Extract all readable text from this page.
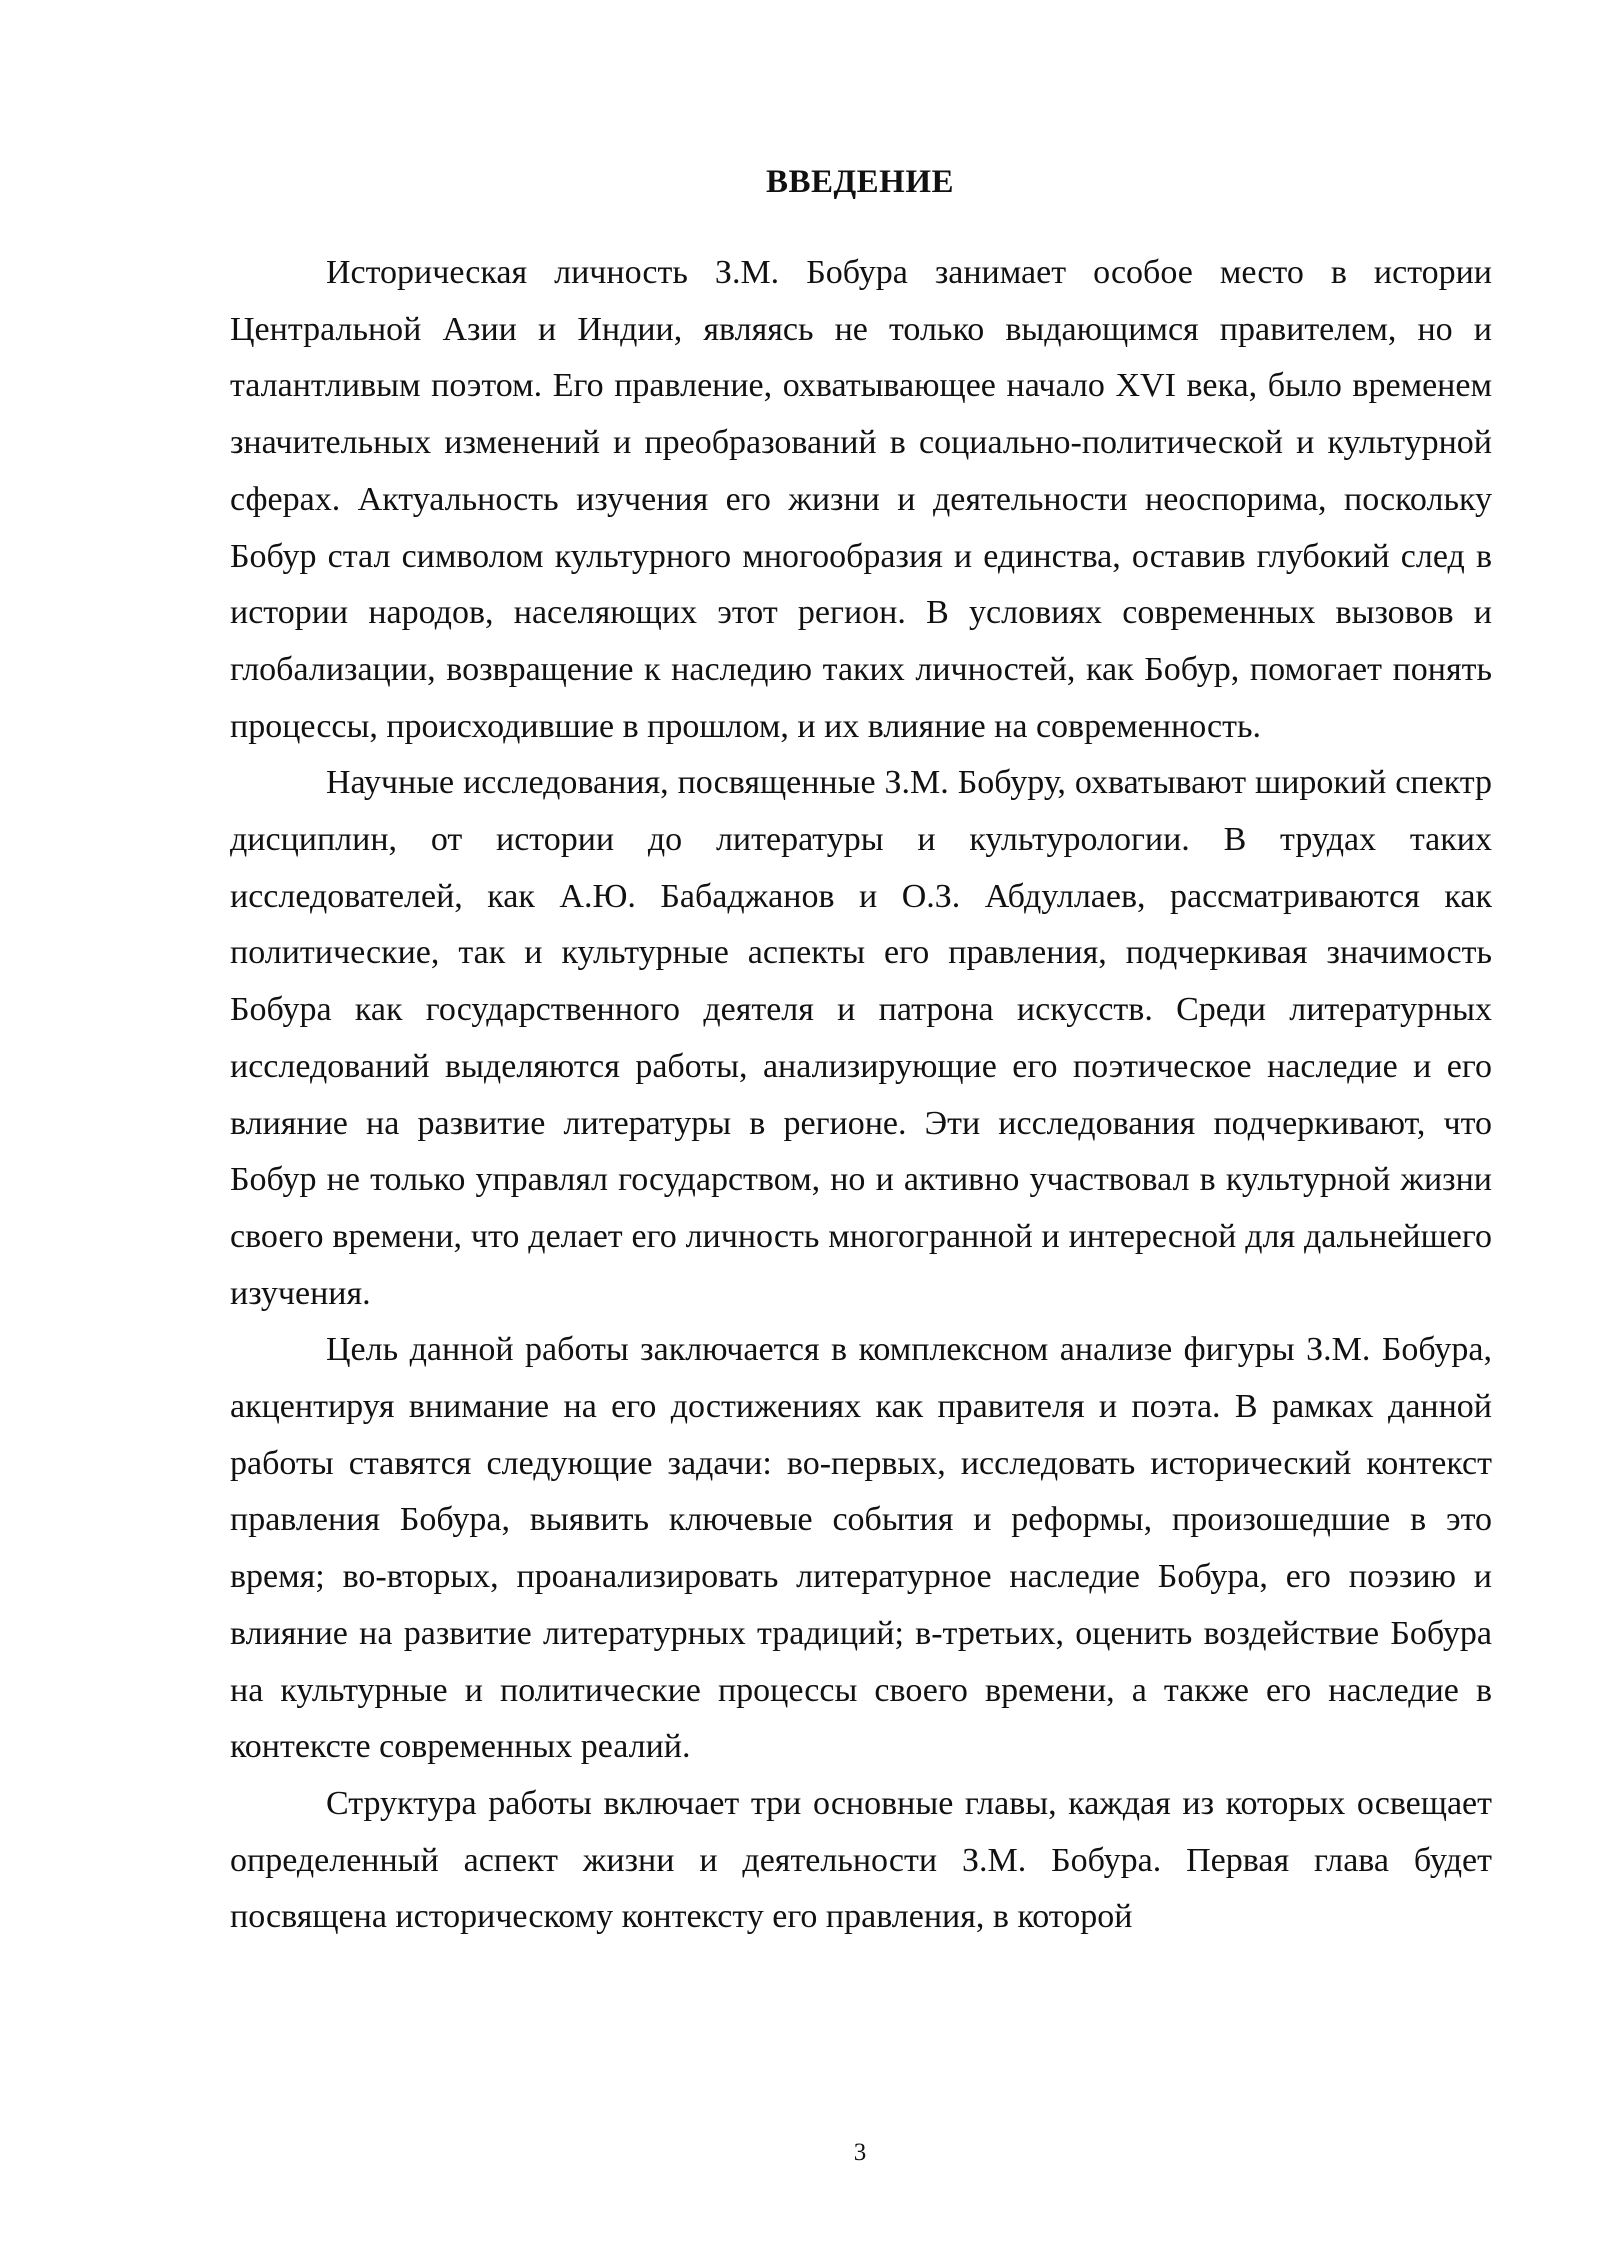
ВВЕДЕНИЕ

Историческая личность З.М. Бобура занимает особое место в истории Центральной Азии и Индии, являясь не только выдающимся правителем, но и талантливым поэтом. Его правление, охватывающее начало XVI века, было временем значительных изменений и преобразований в социально-политической и культурной сферах. Актуальность изучения его жизни и деятельности неоспорима, поскольку Бобур стал символом культурного многообразия и единства, оставив глубокий след в истории народов, населяющих этот регион. В условиях современных вызовов и глобализации, возвращение к наследию таких личностей, как Бобур, помогает понять процессы, происходившие в прошлом, и их влияние на современность.

Научные исследования, посвященные З.М. Бобуру, охватывают широкий спектр дисциплин, от истории до литературы и культурологии. В трудах таких исследователей, как А.Ю. Бабаджанов и О.З. Абдуллаев, рассматриваются как политические, так и культурные аспекты его правления, подчеркивая значимость Бобура как государственного деятеля и патрона искусств. Среди литературных исследований выделяются работы, анализирующие его поэтическое наследие и его влияние на развитие литературы в регионе. Эти исследования подчеркивают, что Бобур не только управлял государством, но и активно участвовал в культурной жизни своего времени, что делает его личность многогранной и интересной для дальнейшего изучения.

Цель данной работы заключается в комплексном анализе фигуры З.М. Бобура, акцентируя внимание на его достижениях как правителя и поэта. В рамках данной работы ставятся следующие задачи: во-первых, исследовать исторический контекст правления Бобура, выявить ключевые события и реформы, произошедшие в это время; во-вторых, проанализировать литературное наследие Бобура, его поэзию и влияние на развитие литературных традиций; в-третьих, оценить воздействие Бобура на культурные и политические процессы своего времени, а также его наследие в контексте современных реалий.

Структура работы включает три основные главы, каждая из которых освещает определенный аспект жизни и деятельности З.М. Бобура. Первая глава будет посвящена историческому контексту его правления, в которой

3
